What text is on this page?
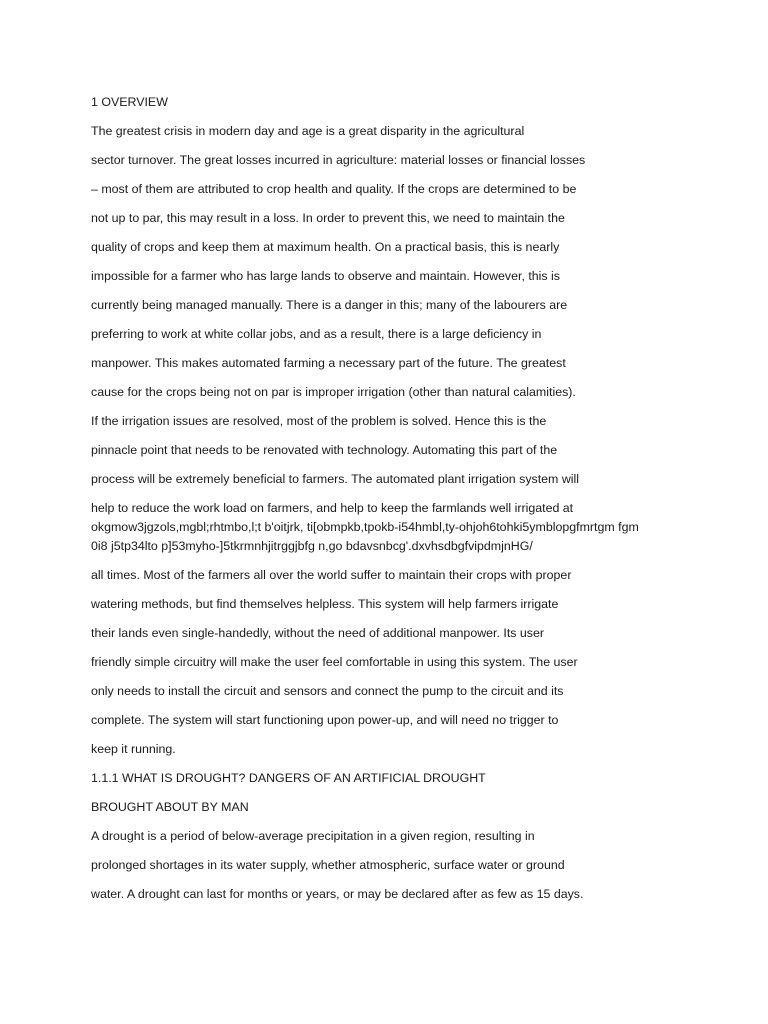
1 OVERVIEW
The greatest crisis in modern day and age is a great disparity in the agricultural
sector turnover. The great losses incurred in agriculture: material losses or financial losses
– most of them are attributed to crop health and quality. If the crops are determined to be
not up to par, this may result in a loss. In order to prevent this, we need to maintain the
quality of crops and keep them at maximum health. On a practical basis, this is nearly
impossible for a farmer who has large lands to observe and maintain. However, this is
currently being managed manually. There is a danger in this; many of the labourers are
preferring to work at white collar jobs, and as a result, there is a large deficiency in
manpower. This makes automated farming a necessary part of the future. The greatest
cause for the crops being not on par is improper irrigation (other than natural calamities).
If the irrigation issues are resolved, most of the problem is solved. Hence this is the
pinnacle point that needs to be renovated with technology. Automating this part of the
process will be extremely beneficial to farmers. The automated plant irrigation system will
help to reduce the work load on farmers, and help to keep the farmlands well irrigated at
okgmow3jgzols,mgbl;rhtmbo,l;t b'oitjrk, ti[obmpkb,tpokb-i54hmbl,ty-ohjoh6tohki5ymblopgfmrtgm fgm
0i8 j5tp34lto p]53myho-]5tkrmnhjitrggjbfg n,go bdavsnbcg'.dxvhsdbgfvipdmjnHG/
all times. Most of the farmers all over the world suffer to maintain their crops with proper
watering methods, but find themselves helpless. This system will help farmers irrigate
their lands even single-handedly, without the need of additional manpower. Its user
friendly simple circuitry will make the user feel comfortable in using this system. The user
only needs to install the circuit and sensors and connect the pump to the circuit and its
complete. The system will start functioning upon power-up, and will need no trigger to
keep it running.
1.1.1 WHAT IS DROUGHT? DANGERS OF AN ARTIFICIAL DROUGHT
BROUGHT ABOUT BY MAN
A drought is a period of below-average precipitation in a given region, resulting in
prolonged shortages in its water supply, whether atmospheric, surface water or ground
water. A drought can last for months or years, or may be declared after as few as 15 days.
